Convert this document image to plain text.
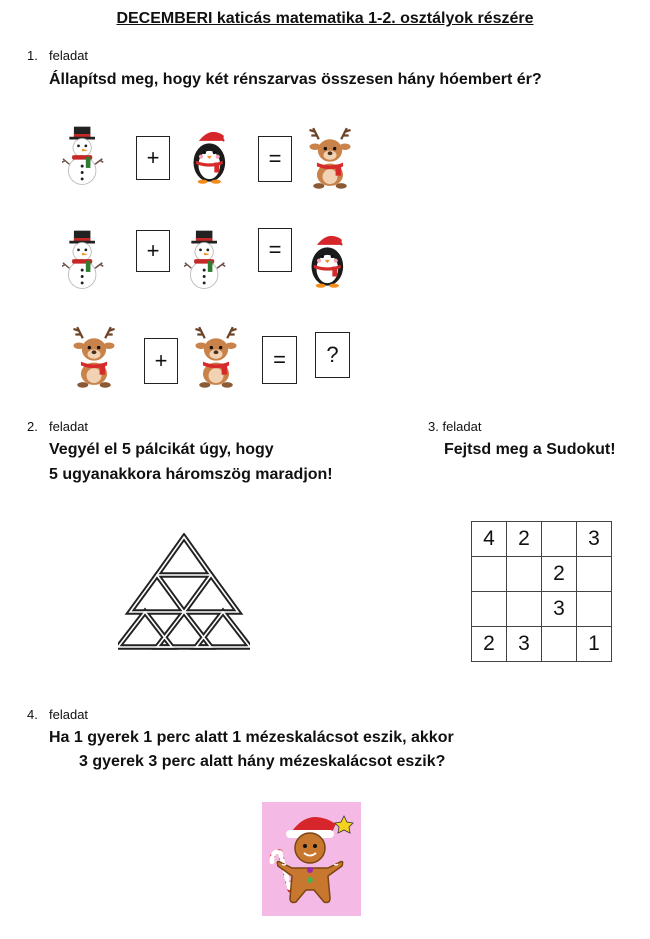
DECEMBERI katicás matematika 1-2. osztályok részére
1. feladat
Állapítsd meg, hogy két rénszarvas összesen hány hóembert ér?
+	=
+	=
+	=	?
2. feladat
Vegyél el 5 pálcikát úgy, hogy
5 ugyanakkora háromszög maradjon!
3. feladat
Fejtsd meg a Sudokut!
4	2		3
		2	
		3	
2	3		1
4. feladat
Ha 1 gyerek 1 perc alatt 1 mézeskalácsot eszik, akkor
3 gyerek 3 perc alatt hány mézeskalácsot eszik?
